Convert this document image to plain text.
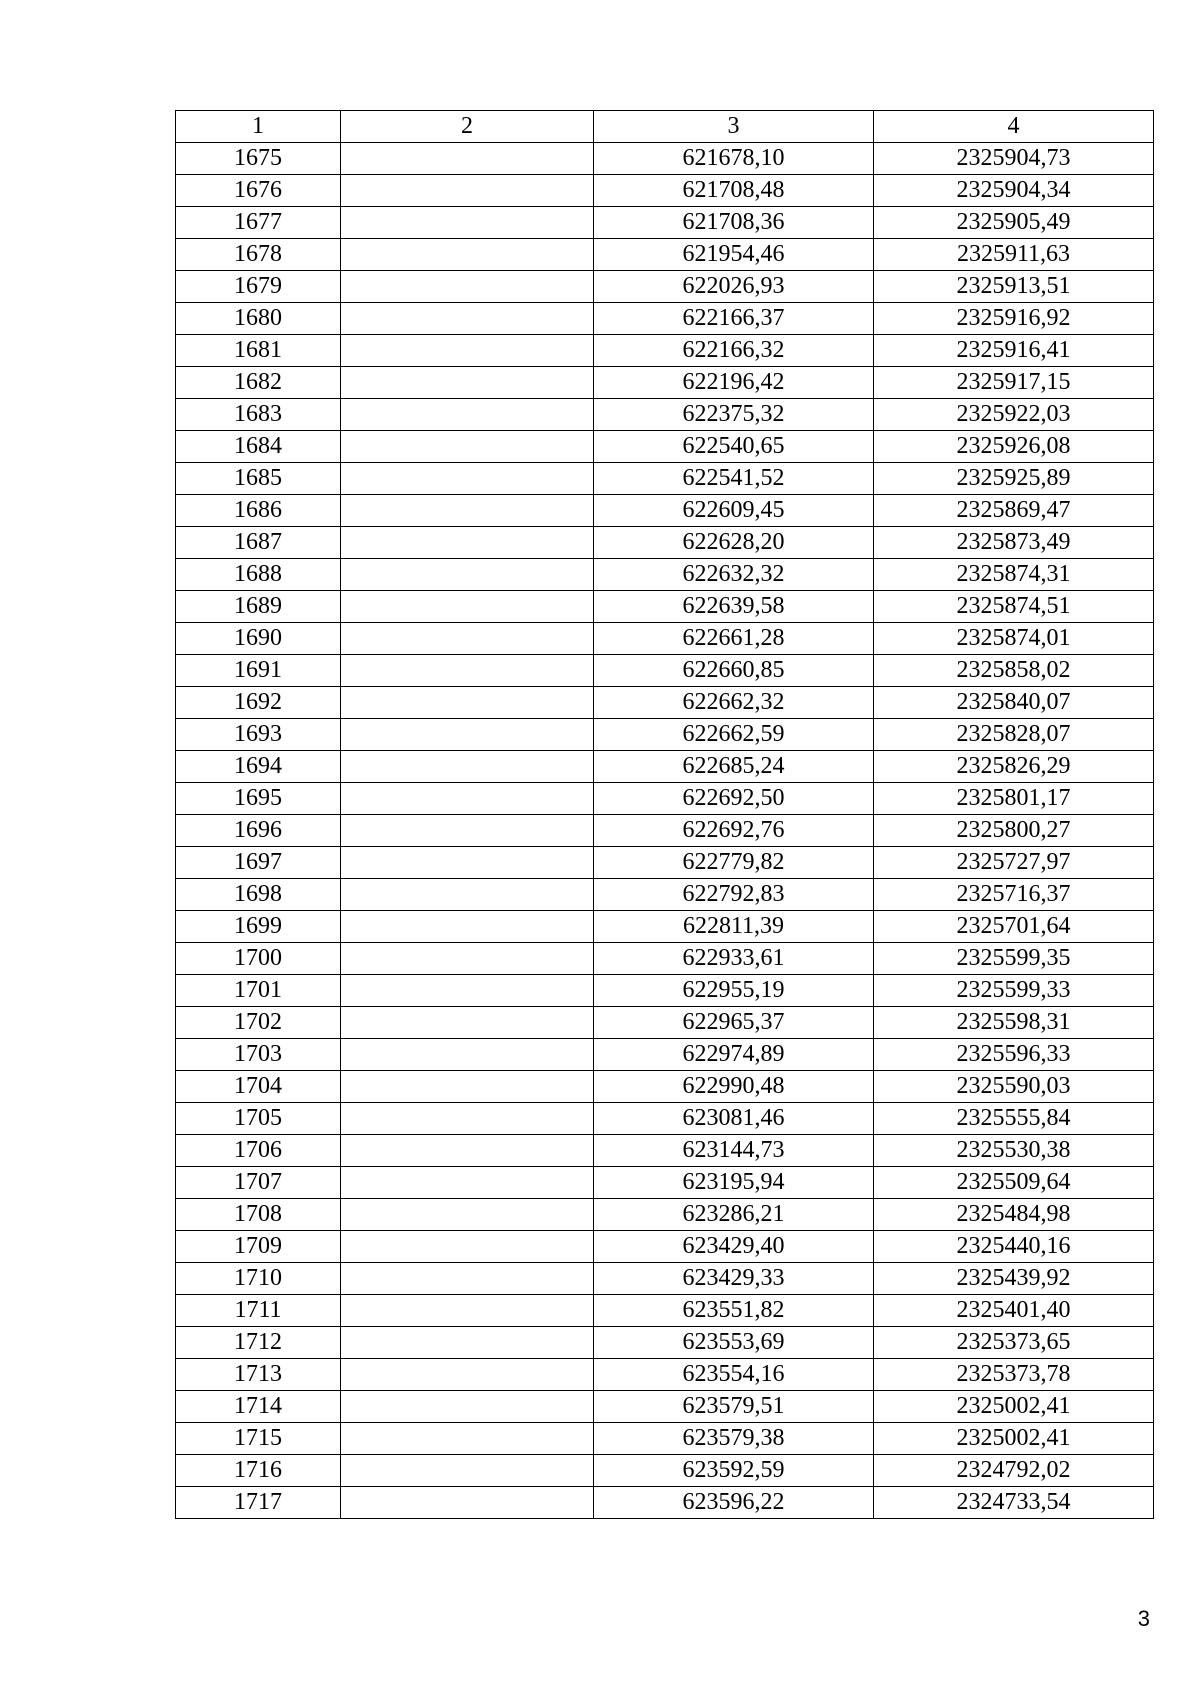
1	2	3	4
1675		621678,10	2325904,73
1676		621708,48	2325904,34
1677		621708,36	2325905,49
1678		621954,46	2325911,63
1679		622026,93	2325913,51
1680		622166,37	2325916,92
1681		622166,32	2325916,41
1682		622196,42	2325917,15
1683		622375,32	2325922,03
1684		622540,65	2325926,08
1685		622541,52	2325925,89
1686		622609,45	2325869,47
1687		622628,20	2325873,49
1688		622632,32	2325874,31
1689		622639,58	2325874,51
1690		622661,28	2325874,01
1691		622660,85	2325858,02
1692		622662,32	2325840,07
1693		622662,59	2325828,07
1694		622685,24	2325826,29
1695		622692,50	2325801,17
1696		622692,76	2325800,27
1697		622779,82	2325727,97
1698		622792,83	2325716,37
1699		622811,39	2325701,64
1700		622933,61	2325599,35
1701		622955,19	2325599,33
1702		622965,37	2325598,31
1703		622974,89	2325596,33
1704		622990,48	2325590,03
1705		623081,46	2325555,84
1706		623144,73	2325530,38
1707		623195,94	2325509,64
1708		623286,21	2325484,98
1709		623429,40	2325440,16
1710		623429,33	2325439,92
1711		623551,82	2325401,40
1712		623553,69	2325373,65
1713		623554,16	2325373,78
1714		623579,51	2325002,41
1715		623579,38	2325002,41
1716		623592,59	2324792,02
1717		623596,22	2324733,54
3
